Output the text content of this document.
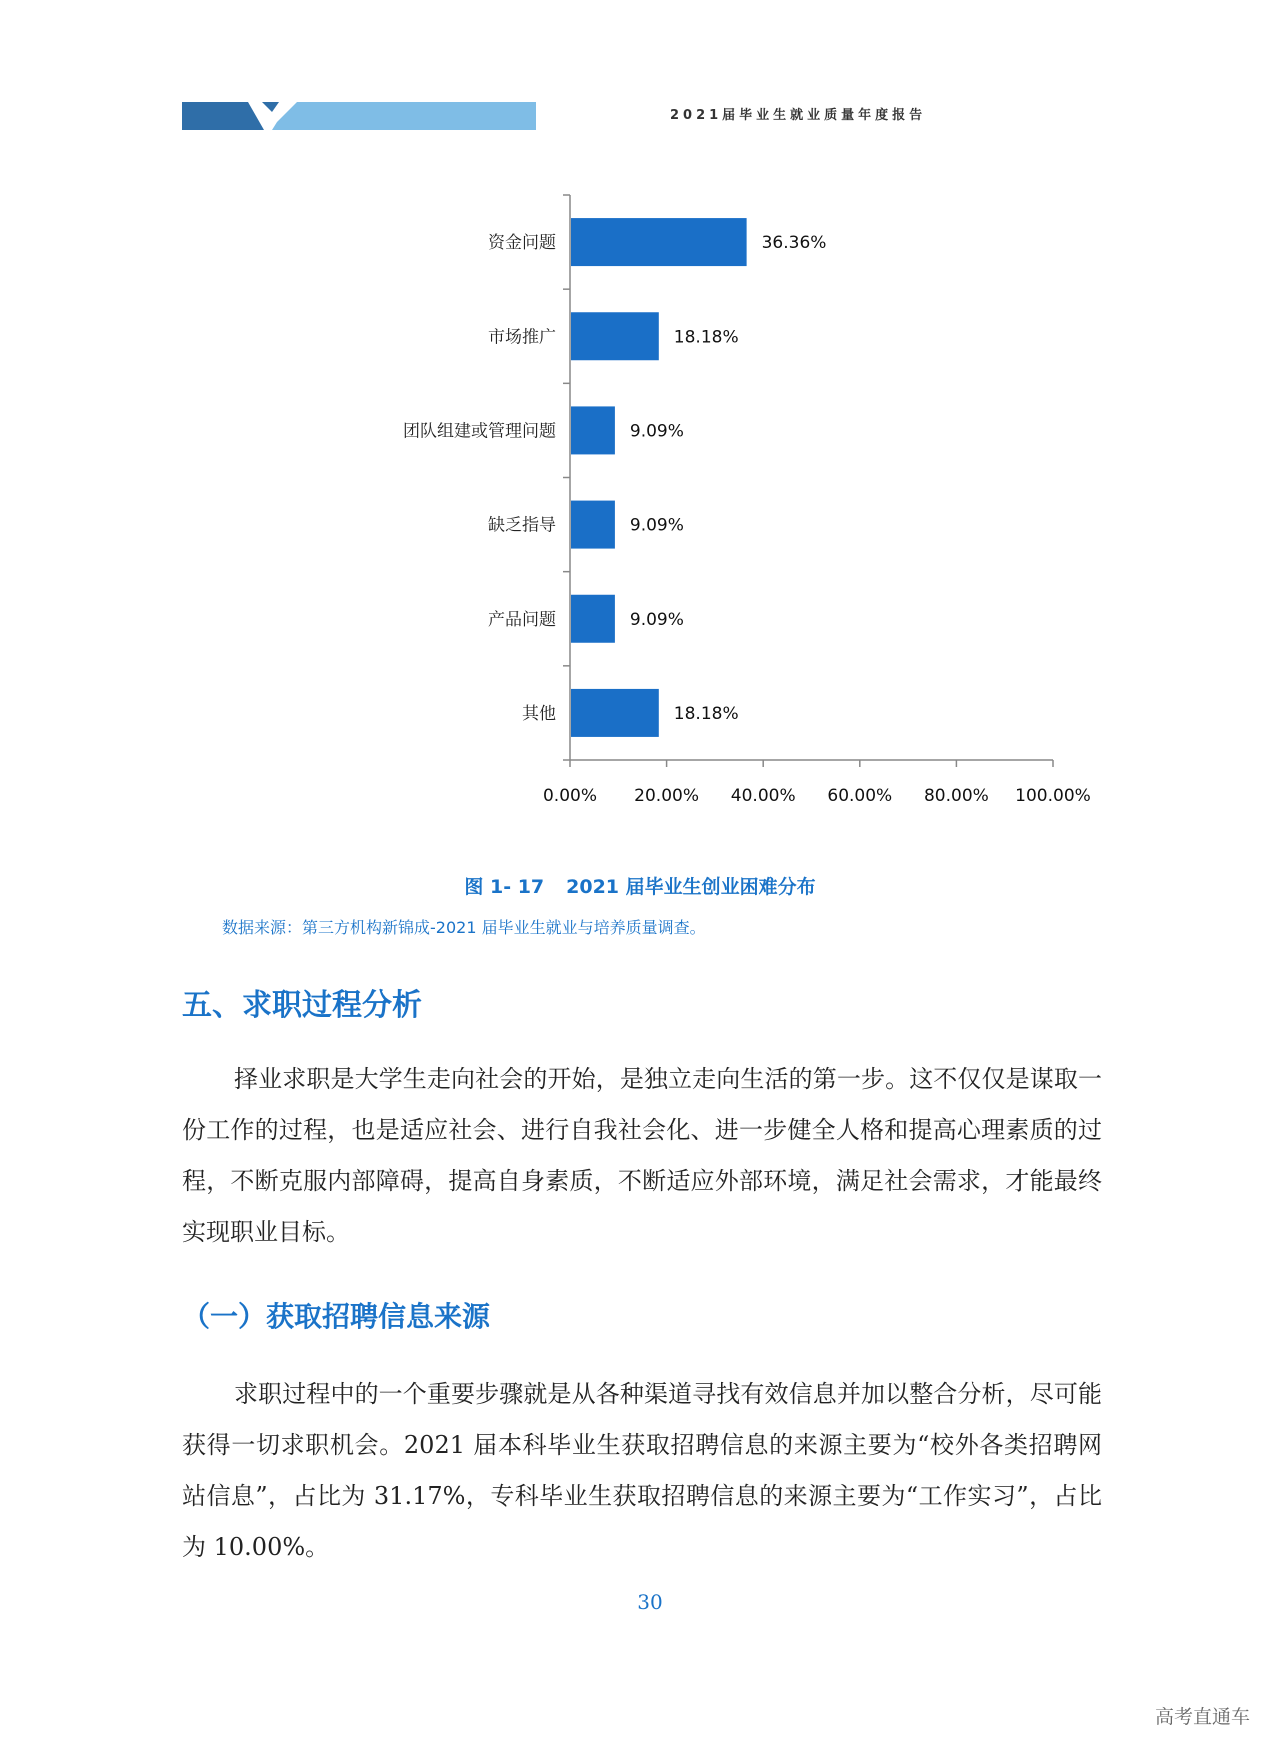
2021届毕业生就业质量年度报告
0.00% 20.00% 40.00% 60.00% 80.00% 100.00%
资金问题	36.36%
市场推广	18.18%
团队组建或管理问题	9.09%
缺乏指导	9.09%
产品问题	9.09%
其他	18.18%
图 1- 17 2021 届毕业生创业困难分布
数据来源：第三方机构新锦成-2021 届毕业生就业与培养质量调查。
五、求职过程分析
择业求职是大学生走向社会的开始，是独立走向生活的第一步。这不仅仅是谋取一份工作的过程，也是适应社会、进行自我社会化、进一步健全人格和提高心理素质的过程，不断克服内部障碍，提高自身素质，不断适应外部环境，满足社会需求，才能最终实现职业目标。
（一）获取招聘信息来源
求职过程中的一个重要步骤就是从各种渠道寻找有效信息并加以整合分析，尽可能获得一切求职机会。2021 届本科毕业生获取招聘信息的来源主要为“校外各类招聘网站信息”，占比为 31.17%，专科毕业生获取招聘信息的来源主要为“工作实习”，占比为 10.00%。
30
高考直通车
